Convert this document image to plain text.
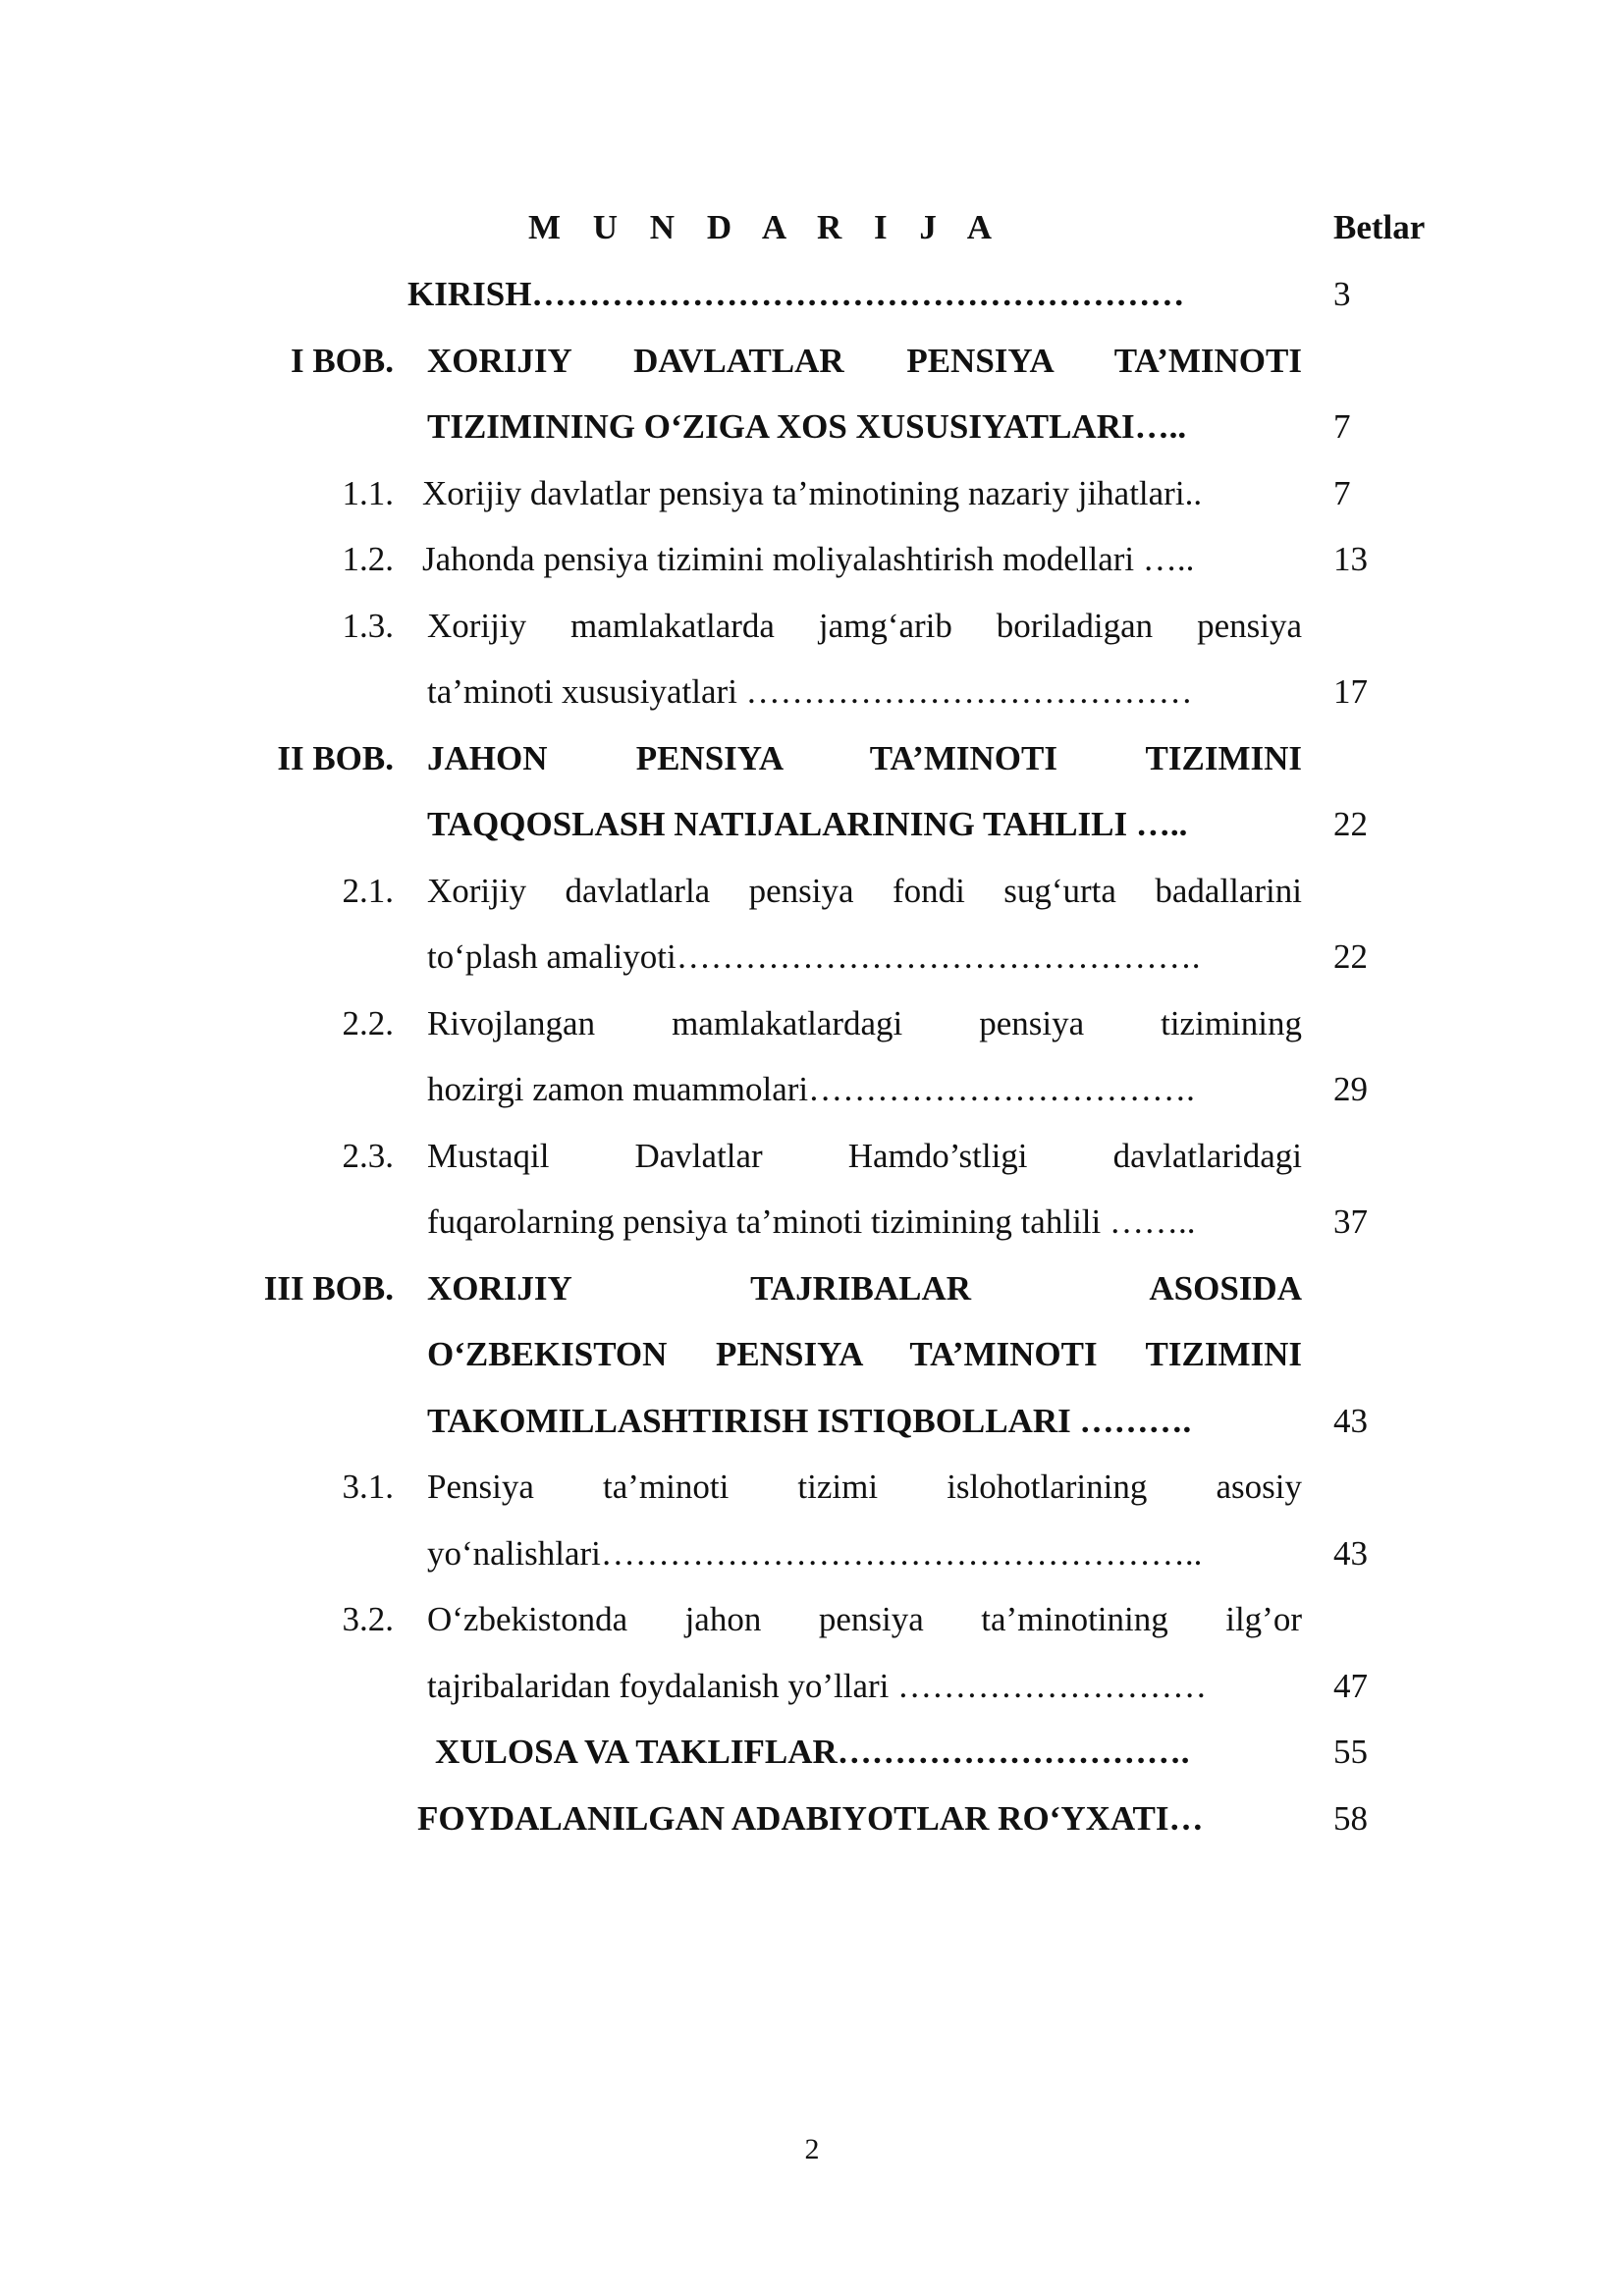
M U N D A R I J A	Betlar
KIRISH…………………………………………………	3
I BOB. XORIJIY DAVLATLAR PENSIYA TA’MINOTI
TIZIMINING O‘ZIGA XOS XUSUSIYATLARI…..	7
1.1. Xorijiy davlatlar pensiya ta’minotining nazariy jihatlari..	7
1.2. Jahonda pensiya tizimini moliyalashtirish modellari …..	13
1.3. Xorijiy mamlakatlarda jamg‘arib boriladigan pensiya
ta’minoti xususiyatlari …………………………………	17
II BOB. JAHON PENSIYA TA’MINOTI TIZIMINI
TAQQOSLASH NATIJALARINING TAHLILI …..	22
2.1. Xorijiy davlatlarla pensiya fondi sug‘urta badallarini
to‘plash amaliyoti……………………………………….	22
2.2. Rivojlangan mamlakatlardagi pensiya tizimining
hozirgi zamon muammolari…………………………….	29
2.3. Mustaqil Davlatlar Hamdo’stligi davlatlaridagi
fuqarolarning pensiya ta’minoti tizimining tahlili ……..	37
III BOB. XORIJIY TAJRIBALAR ASOSIDA
O‘ZBEKISTON PENSIYA TA’MINOTI TIZIMINI
TAKOMILLASHTIRISH ISTIQBOLLARI ……….	43
3.1. Pensiya ta’minoti tizimi islohotlarining asosiy
yo‘nalishlari……………………………………………..	43
3.2. O‘zbekistonda jahon pensiya ta’minotining ilg’or
tajribalaridan foydalanish yo’llari ………………………	47
XULOSA VA TAKLIFLAR………………………….	55
FOYDALANILGAN ADABIYOTLAR RO‘YXATI…	58
2
